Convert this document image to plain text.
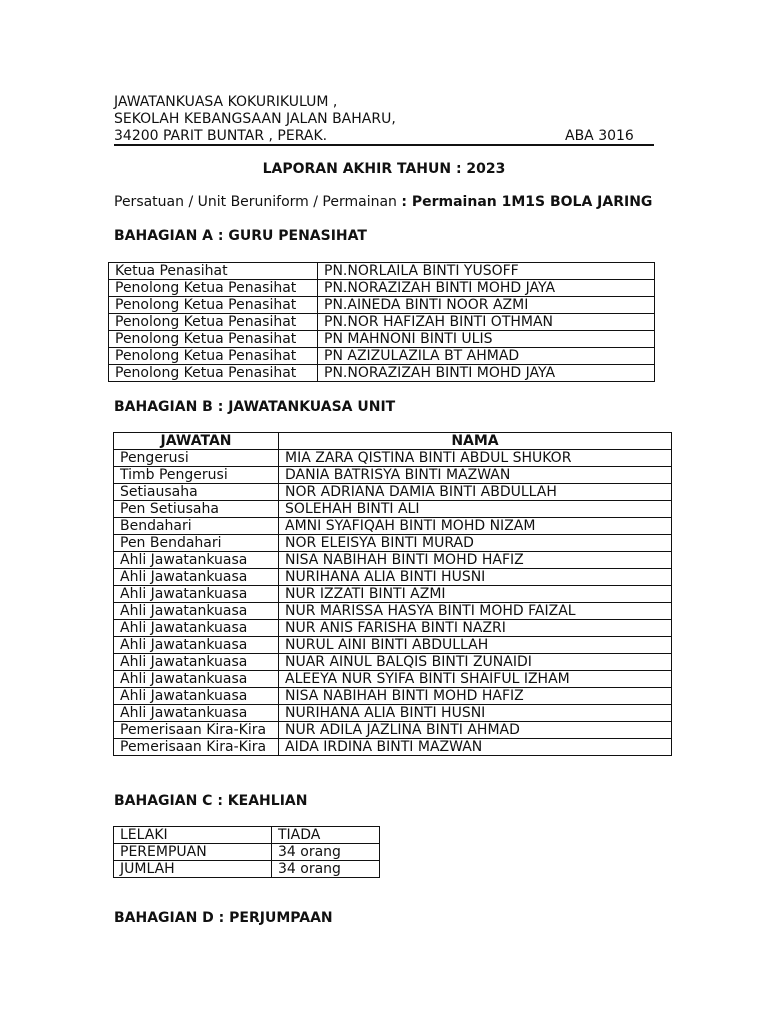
JAWATANKUASA KOKURIKULUM ,
SEKOLAH KEBANGSAAN JALAN BAHARU,
34200 PARIT BUNTAR , PERAK.	ABA 3016
LAPORAN AKHIR TAHUN : 2023
Persatuan / Unit Beruniform / Permainan : Permainan 1M1S BOLA JARING
BAHAGIAN A : GURU PENASIHAT
Ketua Penasihat	PN.NORLAILA BINTI YUSOFF
Penolong Ketua Penasihat	PN.NORAZIZAH BINTI MOHD JAYA
Penolong Ketua Penasihat	PN.AINEDA BINTI NOOR AZMI
Penolong Ketua Penasihat	PN.NOR HAFIZAH BINTI OTHMAN
Penolong Ketua Penasihat	PN MAHNONI BINTI ULIS
Penolong Ketua Penasihat	PN AZIZULAZILA BT AHMAD
Penolong Ketua Penasihat	PN.NORAZIZAH BINTI MOHD JAYA
BAHAGIAN B : JAWATANKUASA UNIT
JAWATAN	NAMA
Pengerusi	MIA ZARA QISTINA BINTI ABDUL SHUKOR
Timb Pengerusi	DANIA BATRISYA BINTI MAZWAN
Setiausaha	NOR ADRIANA DAMIA BINTI ABDULLAH
Pen Setiusaha	SOLEHAH BINTI ALI
Bendahari	AMNI SYAFIQAH BINTI MOHD NIZAM
Pen Bendahari	NOR ELEISYA BINTI MURAD
Ahli Jawatankuasa	NISA NABIHAH BINTI MOHD HAFIZ
Ahli Jawatankuasa	NURIHANA ALIA BINTI HUSNI
Ahli Jawatankuasa	NUR IZZATI BINTI AZMI
Ahli Jawatankuasa	NUR MARISSA HASYA BINTI MOHD FAIZAL
Ahli Jawatankuasa	NUR ANIS FARISHA BINTI NAZRI
Ahli Jawatankuasa	NURUL AINI BINTI ABDULLAH
Ahli Jawatankuasa	NUAR AINUL BALQIS BINTI ZUNAIDI
Ahli Jawatankuasa	ALEEYA NUR SYIFA BINTI SHAIFUL IZHAM
Ahli Jawatankuasa	NISA NABIHAH BINTI MOHD HAFIZ
Ahli Jawatankuasa	NURIHANA ALIA BINTI HUSNI
Pemerisaan Kira-Kira	NUR ADILA JAZLINA BINTI AHMAD
Pemerisaan Kira-Kira	AIDA IRDINA BINTI MAZWAN
BAHAGIAN C : KEAHLIAN
LELAKI	TIADA
PEREMPUAN	34 orang
JUMLAH	34 orang
BAHAGIAN D : PERJUMPAAN
